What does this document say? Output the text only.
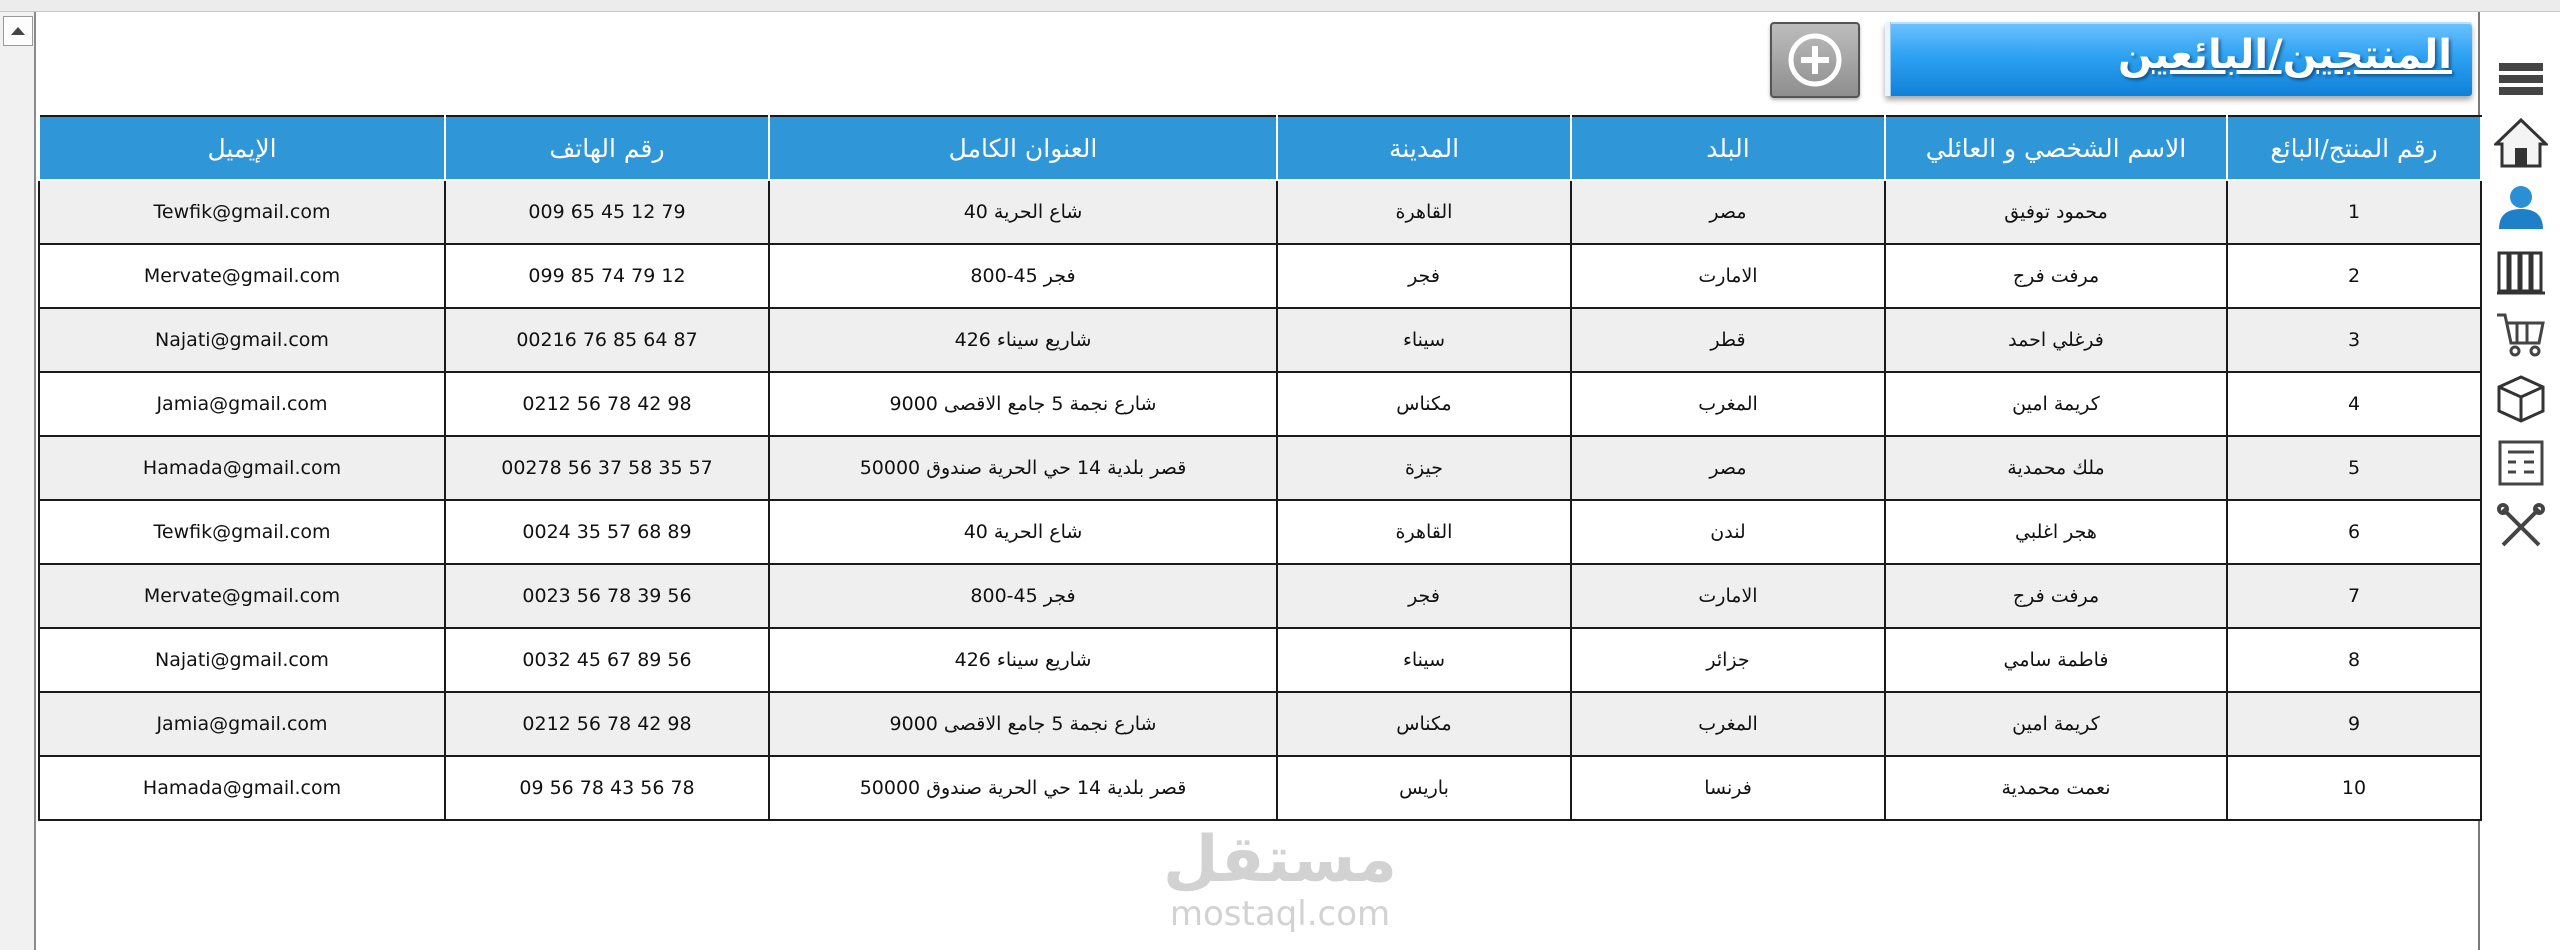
المنتجين/البائعين
رقم المنتج/البائع	الاسم الشخصي و العائلي	البلد	المدينة	العنوان الكامل	رقم الهاتف	الإيميل
1	محمود توفيق	مصر	القاهرة	شاع الحرية 40	009 65 45 12 79	Tewfik@gmail.com
2	مرفت فرج	الامارت	فجر	فجر 45-800	099 85 74 79 12	Mervate@gmail.com
3	فرغلي احمد	قطر	سيناء	شاريع سيناء 426	00216 76 85 64 87	Najati@gmail.com
4	كريمة امين	المغرب	مكناس	شارع نجمة 5 جامع الاقصى 9000	0212 56 78 42 98	Jamia@gmail.com
5	ملك محمدية	مصر	جيزة	قصر بلدية 14 حي الحرية صندوق 50000	00278 56 37 58 35 57	Hamada@gmail.com
6	هجر اغلبي	لندن	القاهرة	شاع الحرية 40	0024 35 57 68 89	Tewfik@gmail.com
7	مرفت فرج	الامارت	فجر	فجر 45-800	0023 56 78 39 56	Mervate@gmail.com
8	فاطمة سامي	جزائر	سيناء	شاريع سيناء 426	0032 45 67 89 56	Najati@gmail.com
9	كريمة امين	المغرب	مكناس	شارع نجمة 5 جامع الاقصى 9000	0212 56 78 42 98	Jamia@gmail.com
10	نعمت محمدية	فرنسا	باريس	قصر بلدية 14 حي الحرية صندوق 50000	09 56 78 43 56 78	Hamada@gmail.com
مستقل
mostaql.com
